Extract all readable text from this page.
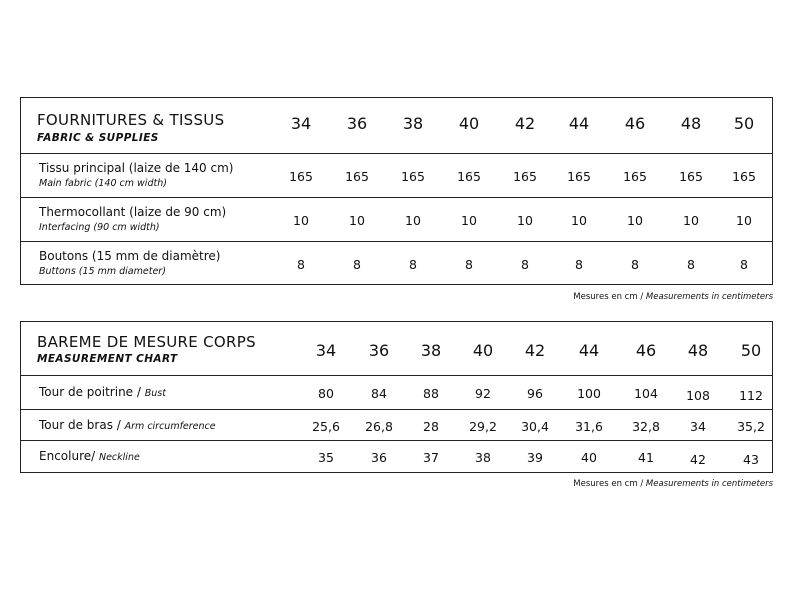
FOURNITURES & TISSUS
FABRIC & SUPPLIES
34	36	38	40	42	44	46	48	50
Tissu principal (laize de 140 cm)
Main fabric (140 cm width)	165	165	165	165	165	165	165	165	165
Thermocollant (laize de 90 cm)
Interfacing (90 cm width)	10	10	10	10	10	10	10	10	10
Boutons (15 mm de diamètre)
Buttons (15 mm diameter)	8	8	8	8	8	8	8	8	8
Mesures en cm / Measurements in centimeters
BAREME DE MESURE CORPS
MEASUREMENT CHART	34	36	38	40	42	44	46	48	50
Tour de poitrine / Bust	80	84	88	92	96	100	104	108	112
Tour de bras / Arm circumference	25,6	26,8	28	29,2	30,4	31,6	32,8	34	35,2
Encolure/ Neckline	35	36	37	38	39	40	41	42	43
Mesures en cm / Measurements in centimeters
